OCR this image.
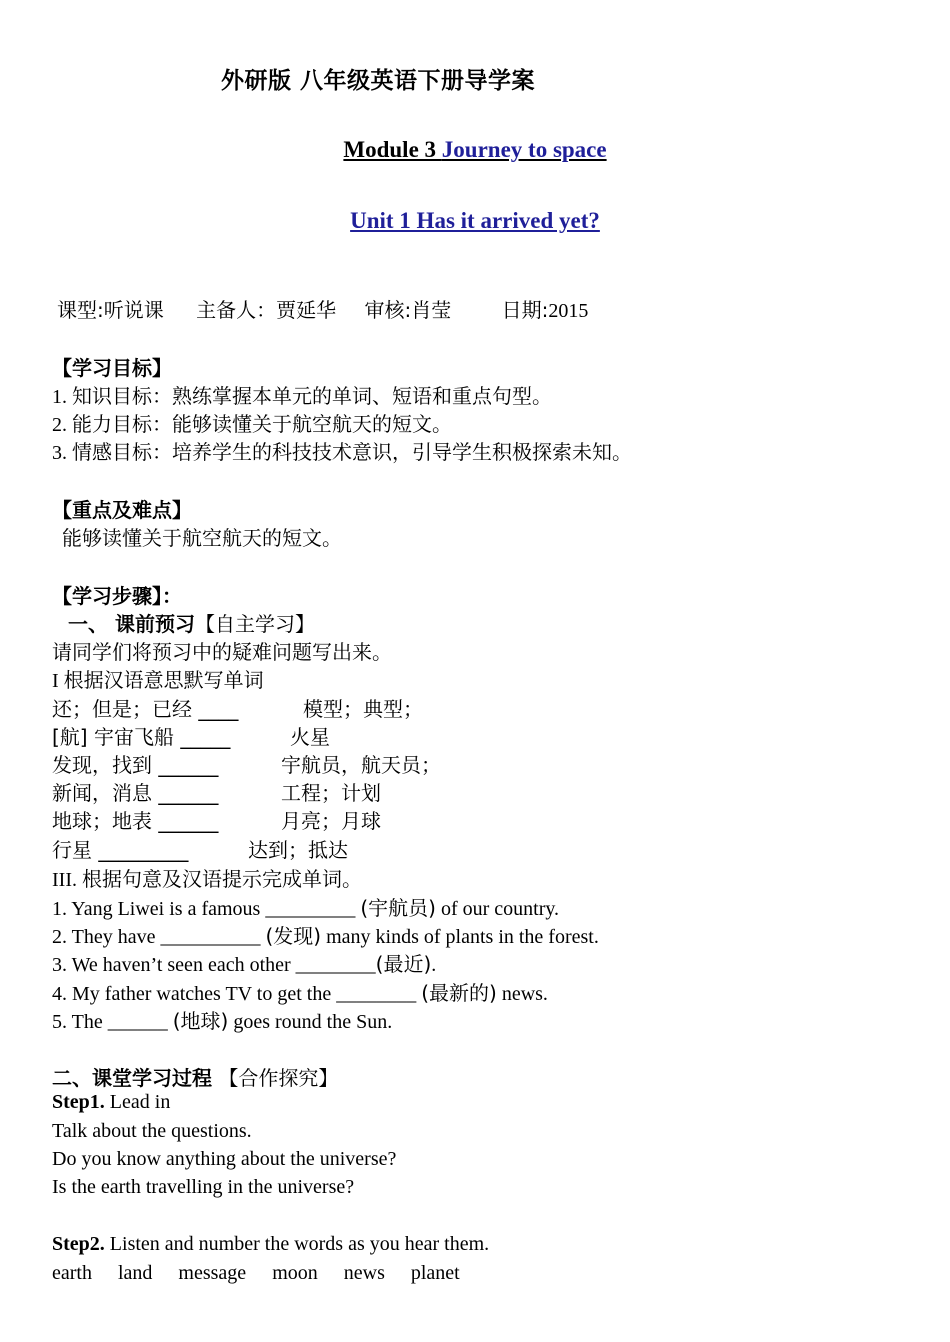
外研版 八年级英语下册导学案
Module 3 Journey to space
Unit 1 Has it arrived yet?
课型:听说课 主备人：贾延华 审核:肖莹	日期:2015
【学习目标】
1. 知识目标：熟练掌握本单元的单词、短语和重点句型。
2. 能力目标：能够读懂关于航空航天的短文。
3. 情感目标：培养学生的科技技术意识，引导学生积极探索未知。
【重点及难点】
能够读懂关于航空航天的短文。
【学习步骤】：
一、 课前预习【自主学习】
请同学们将预习中的疑难问题写出来。
I 根据汉语意思默写单词
还；但是；已经 ____	模型；典型；
[航] 宇宙飞船 _____	火星
发现，找到 ______	宇航员，航天员；
新闻，消息 ______	工程；计划
地球；地表 ______	月亮；月球
行星 _________	达到；抵达
III. 根据句意及汉语提示完成单词。
1. Yang Liwei is a famous _________ (宇航员) of our country.
2. They have __________ (发现) many kinds of plants in the forest.
3. We haven’t seen each other ________(最近).
4. My father watches TV to get the ________ (最新的) news.
5. The ______ (地球) goes round the Sun.
二、课堂学习过程 【合作探究】
Step1. Lead in
Talk about the questions.
Do you know anything about the universe?
Is the earth travelling in the universe?
Step2. Listen and number the words as you hear them.
earth land message moon news planet
